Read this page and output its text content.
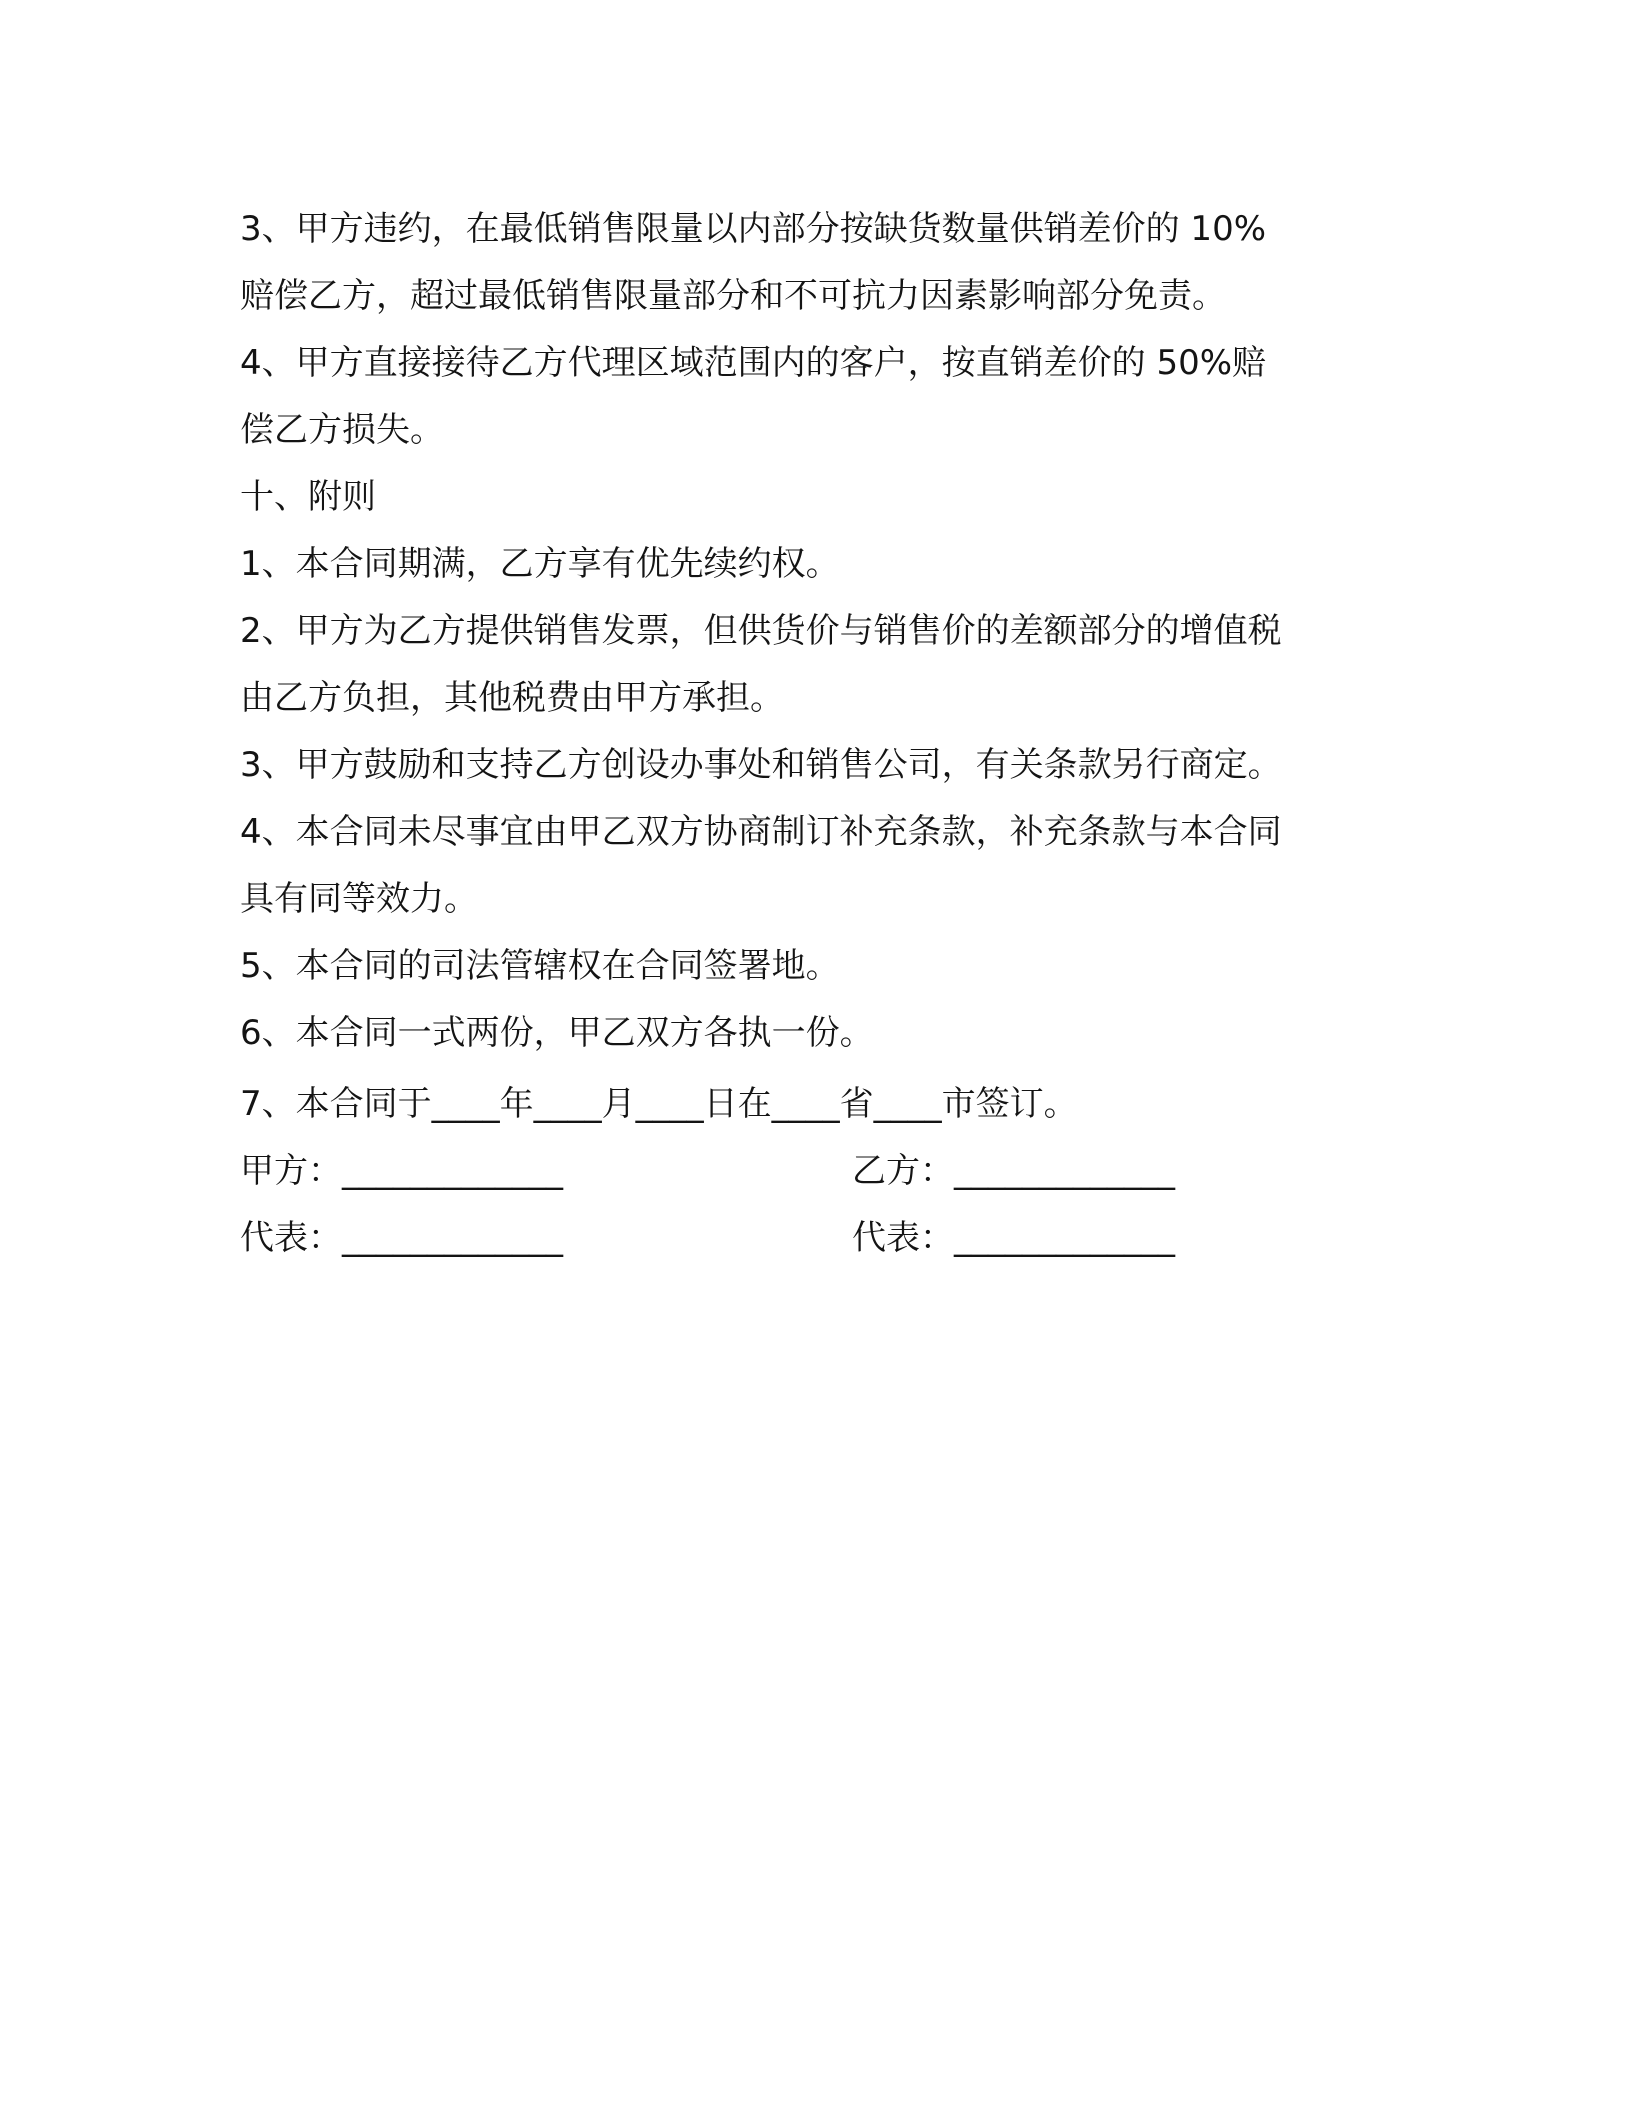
3、甲方违约，在最低销售限量以内部分按缺货数量供销差价的 10%
赔偿乙方，超过最低销售限量部分和不可抗力因素影响部分免责。
4、甲方直接接待乙方代理区域范围内的客户，按直销差价的 50%赔
偿乙方损失。
十、附则
1、本合同期满，乙方享有优先续约权。
2、甲方为乙方提供销售发票，但供货价与销售价的差额部分的增值税
由乙方负担，其他税费由甲方承担。
3、甲方鼓励和支持乙方创设办事处和销售公司，有关条款另行商定。
4、本合同未尽事宜由甲乙双方协商制订补充条款，补充条款与本合同
具有同等效力。
5、本合同的司法管辖权在合同签署地。
6、本合同一式两份，甲乙双方各执一份。
7、本合同于____年____月____日在____省____市签订。
甲方：_____________	乙方：_____________
代表：_____________	代表：_____________
